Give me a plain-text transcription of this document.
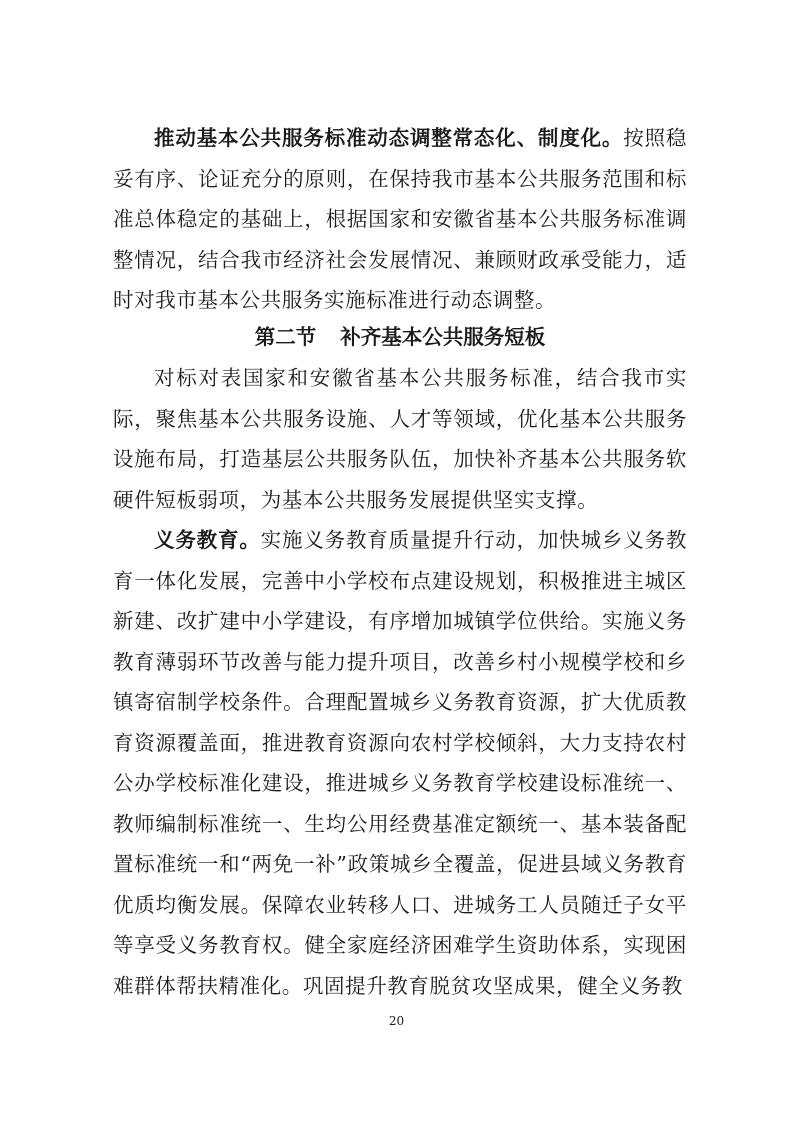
推动基本公共服务标准动态调整常态化、制度化。按照稳妥有序、论证充分的原则，在保持我市基本公共服务范围和标准总体稳定的基础上，根据国家和安徽省基本公共服务标准调整情况，结合我市经济社会发展情况、兼顾财政承受能力，适时对我市基本公共服务实施标准进行动态调整。

第二节 补齐基本公共服务短板

对标对表国家和安徽省基本公共服务标准，结合我市实际，聚焦基本公共服务设施、人才等领域，优化基本公共服务设施布局，打造基层公共服务队伍，加快补齐基本公共服务软硬件短板弱项，为基本公共服务发展提供坚实支撑。

义务教育。实施义务教育质量提升行动，加快城乡义务教育一体化发展，完善中小学校布点建设规划，积极推进主城区新建、改扩建中小学建设，有序增加城镇学位供给。实施义务教育薄弱环节改善与能力提升项目，改善乡村小规模学校和乡镇寄宿制学校条件。合理配置城乡义务教育资源，扩大优质教育资源覆盖面，推进教育资源向农村学校倾斜，大力支持农村公办学校标准化建设，推进城乡义务教育学校建设标准统一、教师编制标准统一、生均公用经费基准定额统一、基本装备配置标准统一和“两免一补”政策城乡全覆盖，促进县域义务教育优质均衡发展。保障农业转移人口、进城务工人员随迁子女平等享受义务教育权。健全家庭经济困难学生资助体系，实现困难群体帮扶精准化。巩固提升教育脱贫攻坚成果，健全义务教

20
